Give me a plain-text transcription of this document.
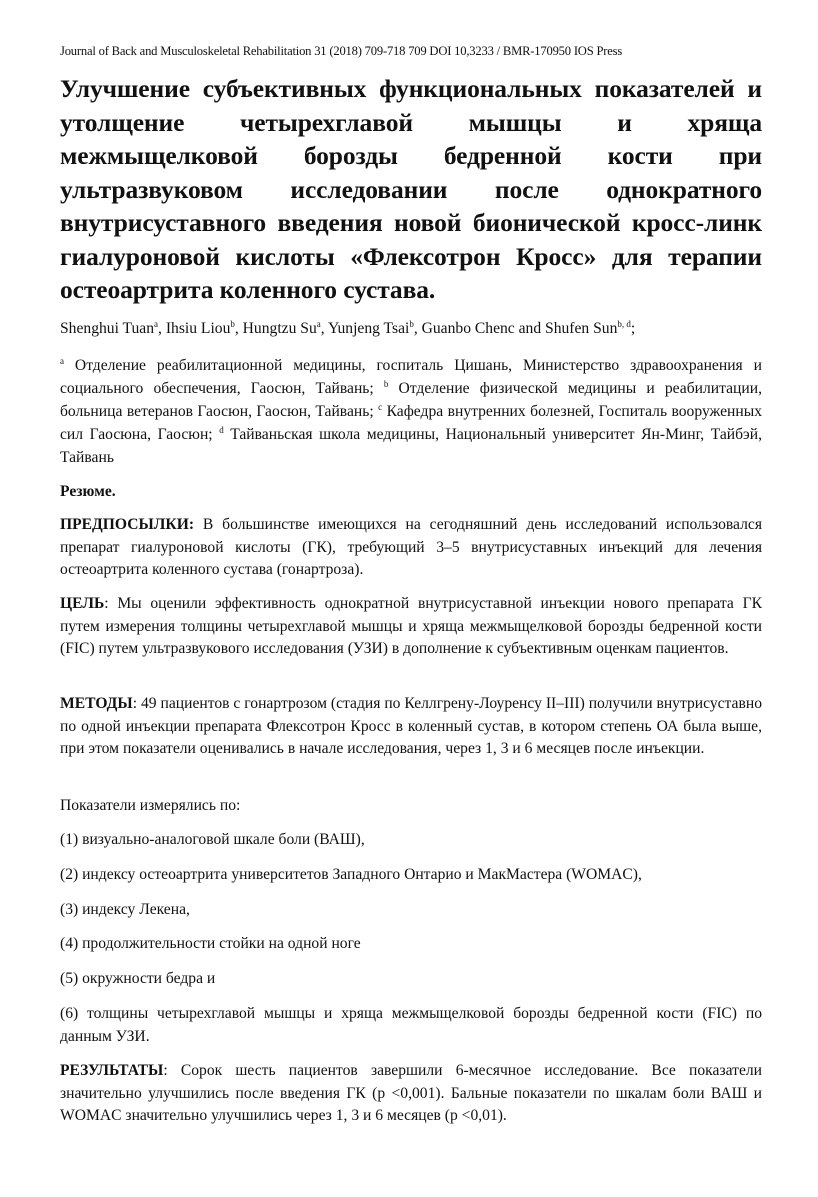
Journal of Back and Musculoskeletal Rehabilitation 31 (2018) 709-718 709 DOI 10,3233 / BMR-170950 IOS Press
Улучшение субъективных функциональных показателей и утолщение четырехглавой мышцы и хряща межмыщелковой борозды бедренной кости при ультразвуковом исследовании после однократного внутрисуставного введения новой бионической кросс-линк гиалуроновой кислоты «Флексотрон Кросс» для терапии остеоартрита коленного сустава.
Shenghui Tuan$^a$, Ihsiu Liou$^b$, Hungtzu Su$^a$, Yunjeng Tsai$^b$, Guanbo Chenc and Shufen Sun$^{b, d}$;
$^a$ Отделение реабилитационной медицины, госпиталь Цишань, Министерство здравоохранения и социального обеспечения, Гаосюн, Тайвань; $^b$ Отделение физической медицины и реабилитации, больница ветеранов Гаосюн, Гаосюн, Тайвань; $^c$ Кафедра внутренних болезней, Госпиталь вооруженных сил Гаосюна, Гаосюн; $^d$ Тайваньская школа медицины, Национальный университет Ян-Минг, Тайбэй, Тайвань
Резюме.
ПРЕДПОСЫЛКИ: В большинстве имеющихся на сегодняшний день исследований использовался препарат гиалуроновой кислоты (ГК), требующий 3–5 внутрисуставных инъекций для лечения остеоартрита коленного сустава (гонартроза).
ЦЕЛЬ: Мы оценили эффективность однократной внутрисуставной инъекции нового препарата ГК путем измерения толщины четырехглавой мышцы и хряща межмыщелковой борозды бедренной кости (FIC) путем ультразвукового исследования (УЗИ) в дополнение к субъективным оценкам пациентов.
МЕТОДЫ: 49 пациентов с гонартрозом (стадия по Келлгрену-Лоуренсу II–III) получили внутрисуставно по одной инъекции препарата Флексотрон Кросс в коленный сустав, в котором степень ОА была выше, при этом показатели оценивались в начале исследования, через 1, 3 и 6 месяцев после инъекции.
Показатели измерялись по:
(1) визуально-аналоговой шкале боли (ВАШ),
(2) индексу остеоартрита университетов Западного Онтарио и МакМастера (WOMAC),
(3) индексу Лекена,
(4) продолжительности стойки на одной ноге
(5) окружности бедра и
(6) толщины четырехглавой мышцы и хряща межмыщелковой борозды бедренной кости (FIC) по данным УЗИ.
РЕЗУЛЬТАТЫ: Сорок шесть пациентов завершили 6-месячное исследование. Все показатели значительно улучшились после введения ГК (р <0,001). Бальные показатели по шкалам боли ВАШ и WOMAC значительно улучшились через 1, 3 и 6 месяцев (р <0,01).
